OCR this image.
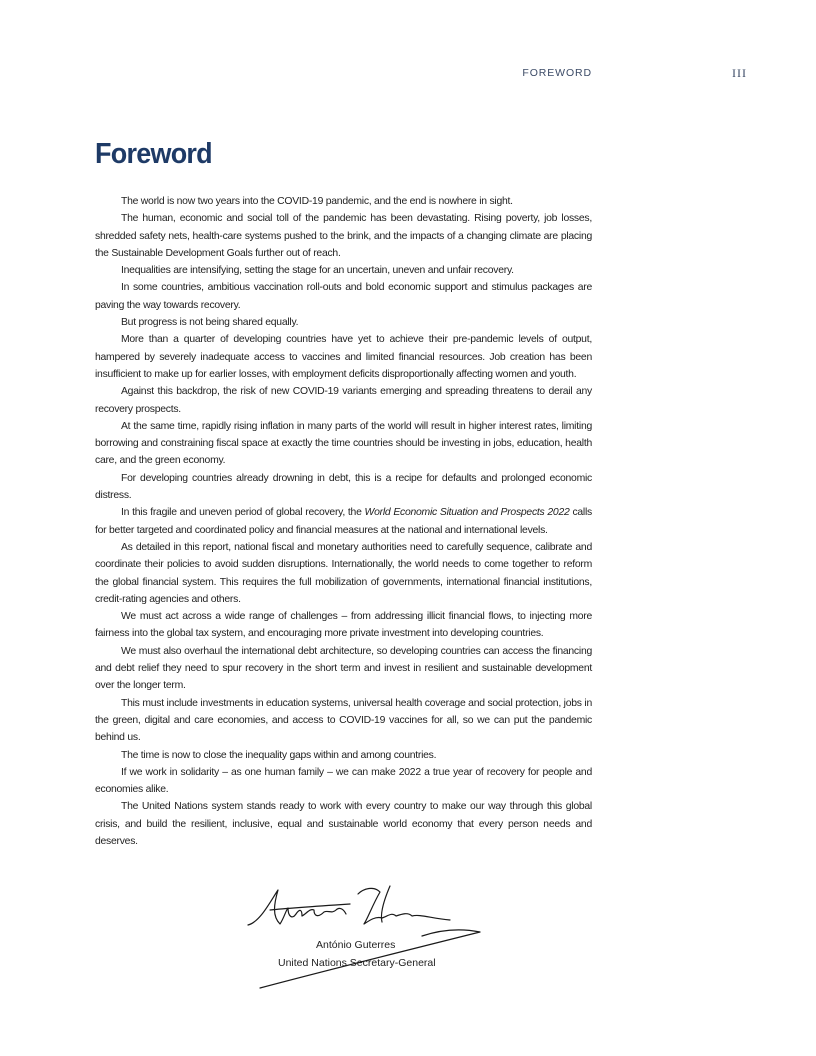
FOREWORD	III
Foreword

The world is now two years into the COVID-19 pandemic, and the end is nowhere in sight.

The human, economic and social toll of the pandemic has been devastating. Rising poverty, job losses, shredded safety nets, health-care systems pushed to the brink, and the impacts of a changing climate are placing the Sustainable Development Goals further out of reach.

Inequalities are intensifying, setting the stage for an uncertain, uneven and unfair recovery.

In some countries, ambitious vaccination roll-outs and bold economic support and stimulus packages are paving the way towards recovery.

But progress is not being shared equally.

More than a quarter of developing countries have yet to achieve their pre-pandemic levels of output, hampered by severely inadequate access to vaccines and limited financial resources. Job creation has been insufficient to make up for earlier losses, with employment deficits disproportionally affecting women and youth.

Against this backdrop, the risk of new COVID-19 variants emerging and spreading threatens to derail any recovery prospects.

At the same time, rapidly rising inflation in many parts of the world will result in higher interest rates, limiting borrowing and constraining fiscal space at exactly the time countries should be investing in jobs, education, health care, and the green economy.

For developing countries already drowning in debt, this is a recipe for defaults and prolonged economic distress.

In this fragile and uneven period of global recovery, the World Economic Situation and Prospects 2022 calls for better targeted and coordinated policy and financial measures at the national and international levels.

As detailed in this report, national fiscal and monetary authorities need to carefully sequence, calibrate and coordinate their policies to avoid sudden disruptions. Internationally, the world needs to come together to reform the global financial system. This requires the full mobilization of governments, international financial institutions, credit-rating agencies and others.

We must act across a wide range of challenges – from addressing illicit financial flows, to injecting more fairness into the global tax system, and encouraging more private investment into developing countries.

We must also overhaul the international debt architecture, so developing countries can access the financing and debt relief they need to spur recovery in the short term and invest in resilient and sustainable development over the longer term.

This must include investments in education systems, universal health coverage and social protection, jobs in the green, digital and care economies, and access to COVID-19 vaccines for all, so we can put the pandemic behind us.

The time is now to close the inequality gaps within and among countries.

If we work in solidarity – as one human family – we can make 2022 a true year of recovery for people and economies alike.

The United Nations system stands ready to work with every country to make our way through this global crisis, and build the resilient, inclusive, equal and sustainable world economy that every person needs and deserves.

António Guterres
United Nations Secretary-General
